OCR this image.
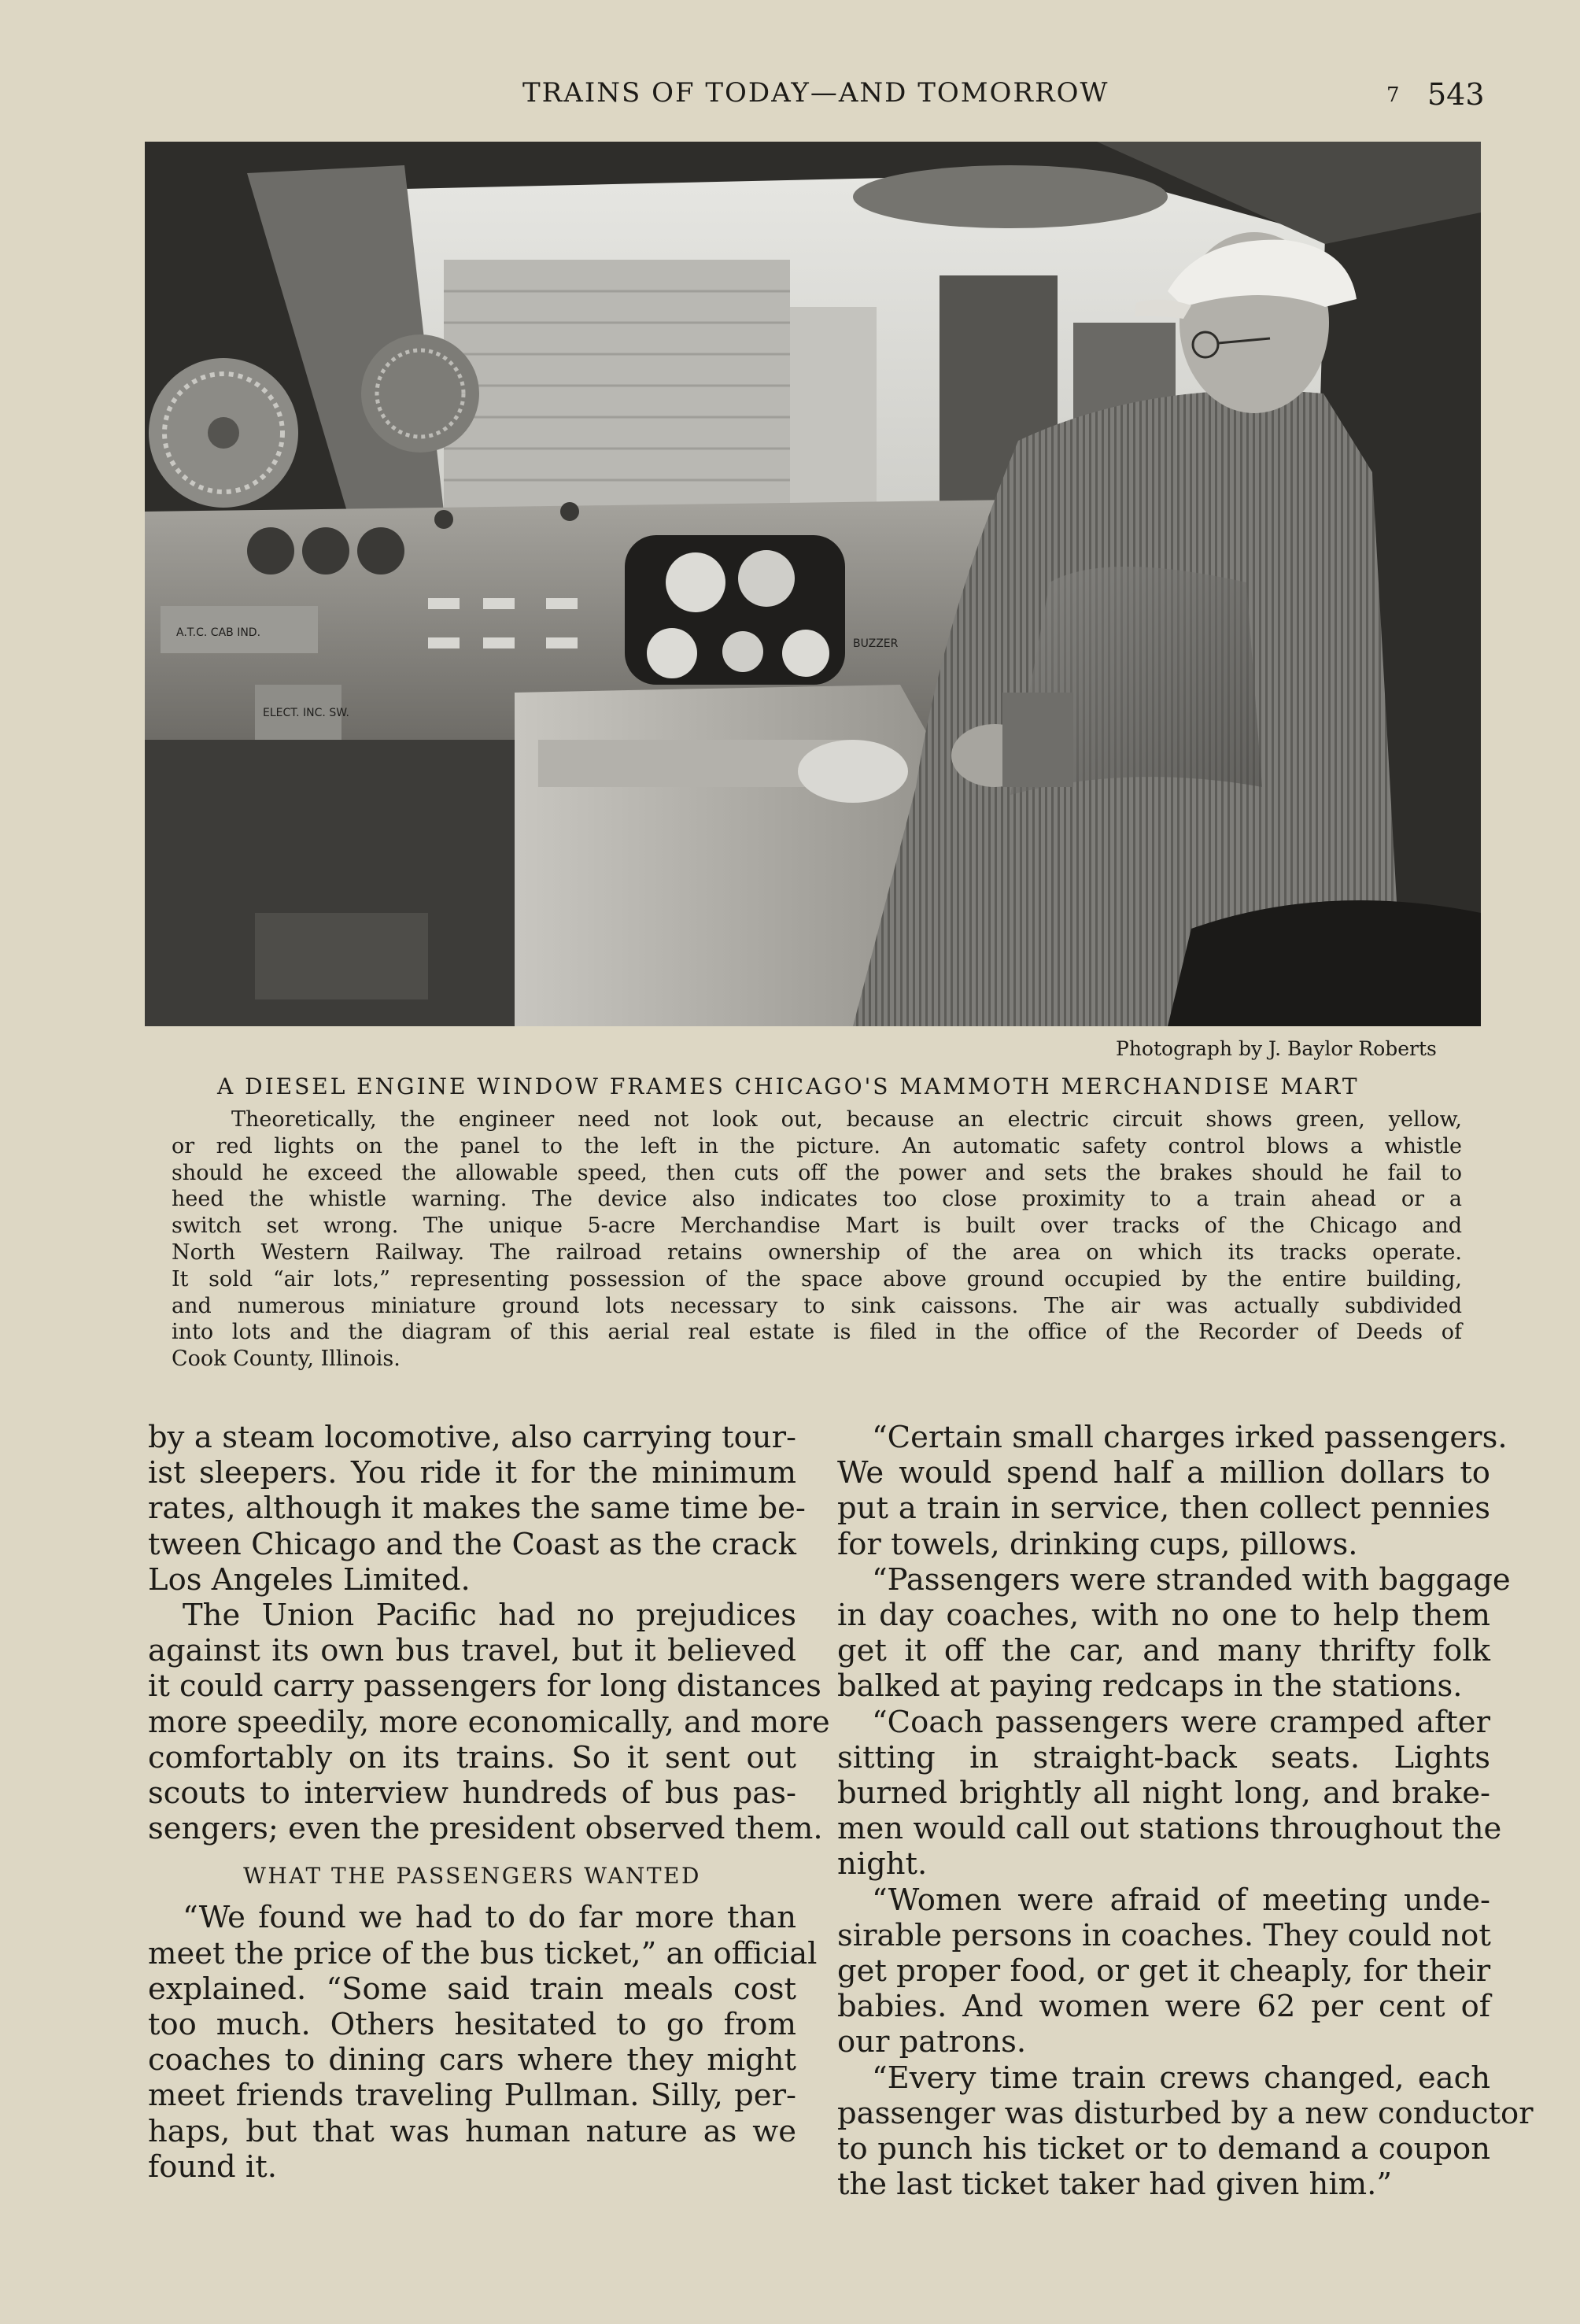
TRAINS OF TODAY—AND TOMORROW	7 543
A.T.C. CAB IND.
ELECT. INC. SW.
BUZZER
Photograph by J. Baylor Roberts
A DIESEL ENGINE WINDOW FRAMES CHICAGO'S MAMMOTH MERCHANDISE MART
Theoretically, the engineer need not look out, because an electric circuit shows green, yellow,
or red lights on the panel to the left in the picture. An automatic safety control blows a whistle
should he exceed the allowable speed, then cuts off the power and sets the brakes should he fail to
heed the whistle warning. The device also indicates too close proximity to a train ahead or a
switch set wrong. The unique 5-acre Merchandise Mart is built over tracks of the Chicago and
North Western Railway. The railroad retains ownership of the area on which its tracks operate.
It sold “air lots,” representing possession of the space above ground occupied by the entire building,
and numerous miniature ground lots necessary to sink caissons. The air was actually subdivided
into lots and the diagram of this aerial real estate is filed in the office of the Recorder of Deeds of
Cook County, Illinois.
by a steam locomotive, also carrying tour-
ist sleepers. You ride it for the minimum
rates, although it makes the same time be-
tween Chicago and the Coast as the crack
Los Angeles Limited.
The Union Pacific had no prejudices
against its own bus travel, but it believed
it could carry passengers for long distances
more speedily, more economically, and more
comfortably on its trains. So it sent out
scouts to interview hundreds of bus pas-
sengers; even the president observed them.
WHAT THE PASSENGERS WANTED
“We found we had to do far more than
meet the price of the bus ticket,” an official
explained. “Some said train meals cost
too much. Others hesitated to go from
coaches to dining cars where they might
meet friends traveling Pullman. Silly, per-
haps, but that was human nature as we
found it.
“Certain small charges irked passengers.
We would spend half a million dollars to
put a train in service, then collect pennies
for towels, drinking cups, pillows.
“Passengers were stranded with baggage
in day coaches, with no one to help them
get it off the car, and many thrifty folk
balked at paying redcaps in the stations.
“Coach passengers were cramped after
sitting in straight-back seats. Lights
burned brightly all night long, and brake-
men would call out stations throughout the
night.
“Women were afraid of meeting unde-
sirable persons in coaches. They could not
get proper food, or get it cheaply, for their
babies. And women were 62 per cent of
our patrons.
“Every time train crews changed, each
passenger was disturbed by a new conductor
to punch his ticket or to demand a coupon
the last ticket taker had given him.”
